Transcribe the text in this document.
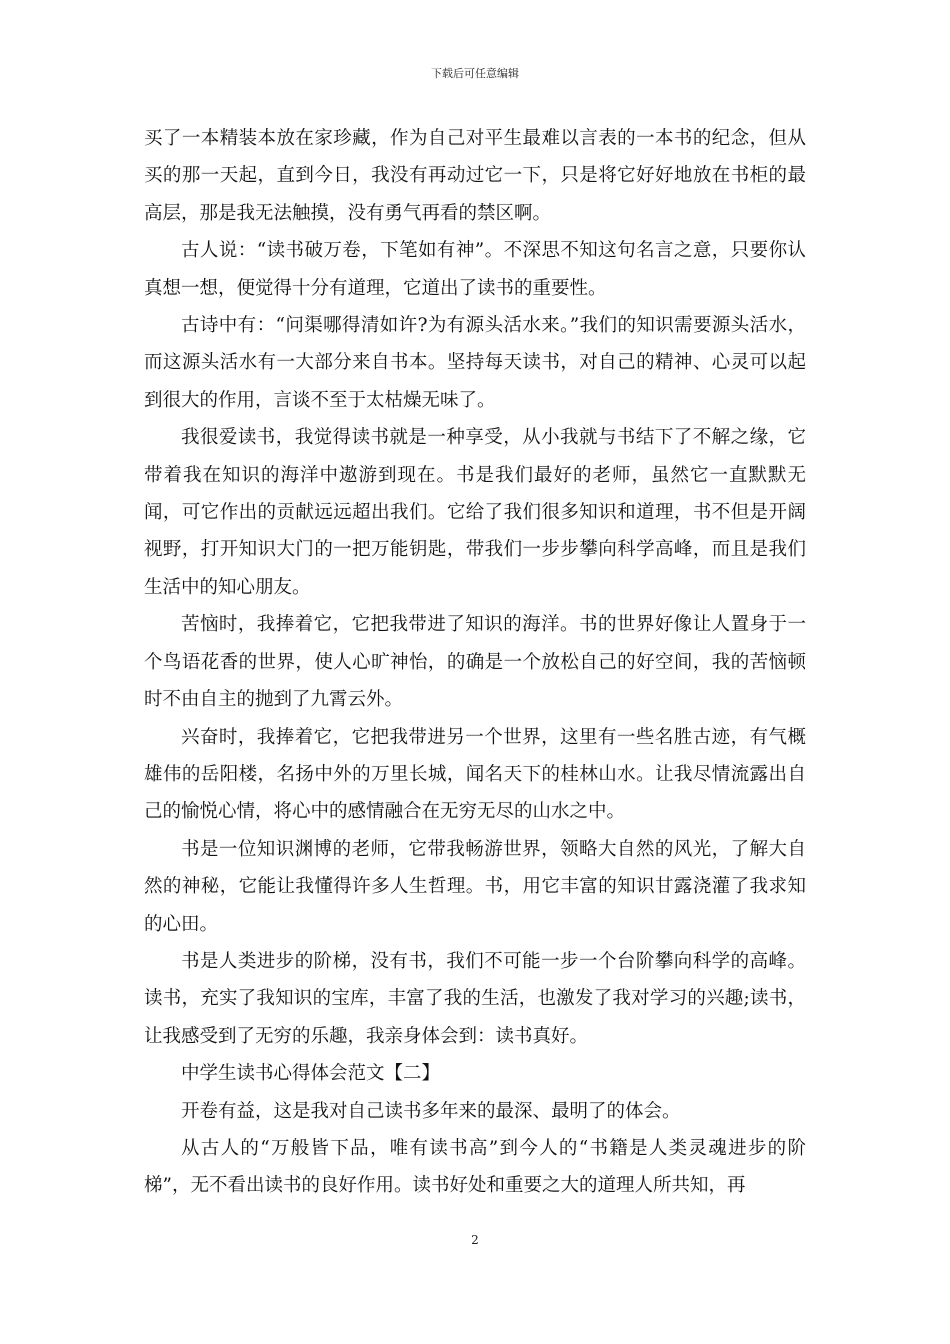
下载后可任意编辑

买了一本精装本放在家珍藏，作为自己对平生最难以言表的一本书的纪念，但从买的那一天起，直到今日，我没有再动过它一下，只是将它好好地放在书柜的最高层，那是我无法触摸，没有勇气再看的禁区啊。

古人说：“读书破万卷，下笔如有神”。不深思不知这句名言之意，只要你认真想一想，便觉得十分有道理，它道出了读书的重要性。

古诗中有：“问渠哪得清如许?为有源头活水来。”我们的知识需要源头活水，而这源头活水有一大部分来自书本。坚持每天读书，对自己的精神、心灵可以起到很大的作用，言谈不至于太枯燥无味了。

我很爱读书，我觉得读书就是一种享受，从小我就与书结下了不解之缘，它带着我在知识的海洋中遨游到现在。书是我们最好的老师，虽然它一直默默无闻，可它作出的贡献远远超出我们。它给了我们很多知识和道理，书不但是开阔视野，打开知识大门的一把万能钥匙，带我们一步步攀向科学高峰，而且是我们生活中的知心朋友。

苦恼时，我捧着它，它把我带进了知识的海洋。书的世界好像让人置身于一个鸟语花香的世界，使人心旷神怡，的确是一个放松自己的好空间，我的苦恼顿时不由自主的抛到了九霄云外。

兴奋时，我捧着它，它把我带进另一个世界，这里有一些名胜古迹，有气概雄伟的岳阳楼，名扬中外的万里长城，闻名天下的桂林山水。让我尽情流露出自己的愉悦心情，将心中的感情融合在无穷无尽的山水之中。

书是一位知识渊博的老师，它带我畅游世界，领略大自然的风光，了解大自然的神秘，它能让我懂得许多人生哲理。书，用它丰富的知识甘露浇灌了我求知的心田。

书是人类进步的阶梯，没有书，我们不可能一步一个台阶攀向科学的高峰。读书，充实了我知识的宝库，丰富了我的生活，也激发了我对学习的兴趣;读书，让我感受到了无穷的乐趣，我亲身体会到：读书真好。

中学生读书心得体会范文【二】

开卷有益，这是我对自己读书多年来的最深、最明了的体会。

从古人的“万般皆下品，唯有读书高”到今人的“书籍是人类灵魂进步的阶梯”，无不看出读书的良好作用。读书好处和重要之大的道理人所共知，再

2
